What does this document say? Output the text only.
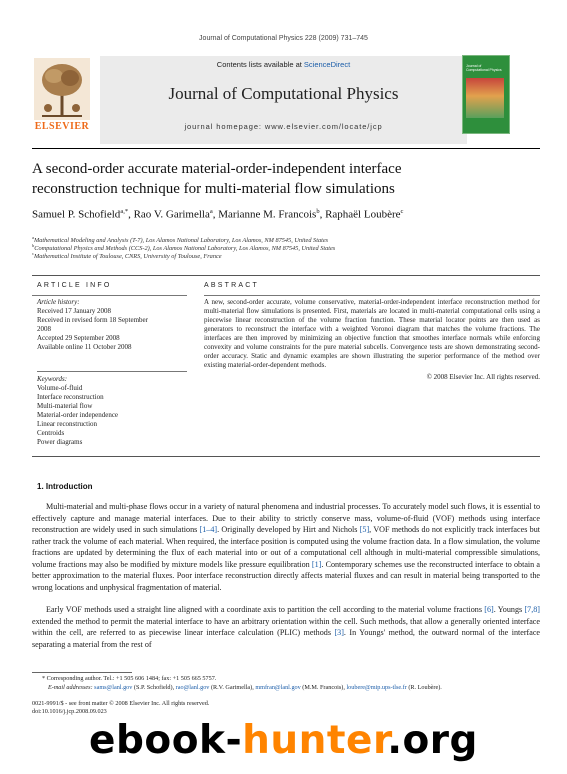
Journal of Computational Physics 228 (2009) 731–745
Contents lists available at ScienceDirect
Journal of Computational Physics
journal homepage: www.elsevier.com/locate/jcp
ELSEVIER
Journal of Computational Physics
A second-order accurate material-order-independent interface
reconstruction technique for multi-material flow simulations
Samuel P. Schofield$^{a,*}$, Rao V. Garimella$^a$, Marianne M. Francois$^b$, Raphaël Loubère$^c$
$^a$Mathematical Modeling and Analysis (T-7), Los Alamos National Laboratory, Los Alamos, NM 87545, United States
$^b$Computational Physics and Methods (CCS-2), Los Alamos National Laboratory, Los Alamos, NM 87545, United States
$^c$Mathematical Institute of Toulouse, CNRS, University of Toulouse, France
ARTICLE INFO
Article history:
Received 17 January 2008
Received in revised form 18 September
2008
Accepted 29 September 2008
Available online 11 October 2008
Keywords:
Volume-of-fluid
Interface reconstruction
Multi-material flow
Material-order independence
Linear reconstruction
Centroids
Power diagrams
ABSTRACT
A new, second-order accurate, volume conservative, material-order-independent interface reconstruction method for multi-material flow simulations is presented. First, materials are located in multi-material computational cells using a piecewise linear reconstruction of the volume fraction function. These material locator points are then used as generators to reconstruct the interface with a weighted Voronoi diagram that matches the volume fractions. The interfaces are then improved by minimizing an objective function that smoothes interface normals while enforcing convexity and volume constraints for the pure material subcells. Convergence tests are shown demonstrating second-order accuracy. Static and dynamic examples are shown illustrating the superior performance of the method over existing material-order-dependent methods.
© 2008 Elsevier Inc. All rights reserved.
1. Introduction
Multi-material and multi-phase flows occur in a variety of natural phenomena and industrial processes. To accurately model such flows, it is essential to effectively capture and manage material interfaces. Due to their ability to strictly conserve mass, volume-of-fluid (VOF) methods using interface reconstruction are widely used in such simulations [1–4]. Originally developed by Hirt and Nichols [5], VOF methods do not explicitly track interfaces but rather track the volume of each material. When required, the interface position is computed using the volume fraction data. In a flow simulation, the volume fractions are updated by determining the flux of each material into or out of a computational cell although in multi-material compressible simulations, volume fractions may also be modified by mixture models like pressure equilibration [1]. Contemporary schemes use the reconstructed interface to obtain a better approximation to the material fluxes. Poor interface reconstruction directly affects material fluxes and can result in material being transported to the wrong locations and unphysical fragmentation of material.
Early VOF methods used a straight line aligned with a coordinate axis to partition the cell according to the material volume fractions [6]. Youngs [7,8] extended the method to permit the material interface to have an arbitrary orientation within the cell. Such methods, that allow a generally oriented interface within the cell, are referred to as piecewise linear interface calculation (PLIC) methods [3]. In Youngs' method, the outward normal of the interface separating a material from the rest of
* Corresponding author. Tel.: +1 505 606 1484; fax: +1 505 665 5757.
E-mail addresses: sams@lanl.gov (S.P. Schofield), rao@lanl.gov (R.V. Garimella), mmfran@lanl.gov (M.M. Francois), loubere@mip.ups-tlse.fr (R. Loubère).
0021-9991/$ - see front matter © 2008 Elsevier Inc. All rights reserved.
doi:10.1016/j.jcp.2008.09.023
ebook-hunter.org
